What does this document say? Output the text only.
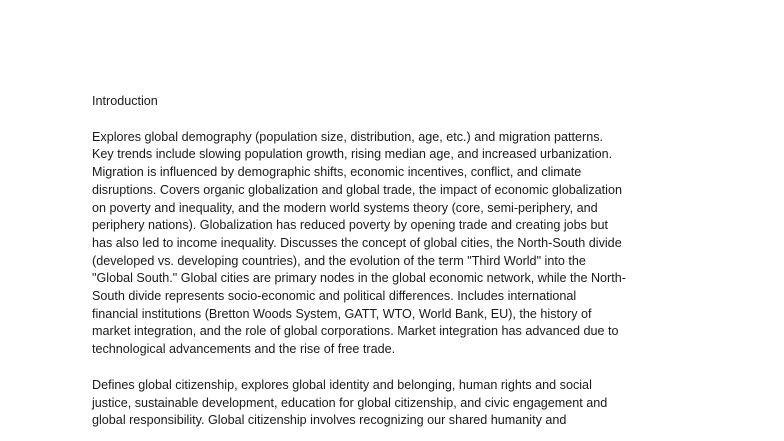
Introduction
Explores global demography (population size, distribution, age, etc.) and migration patterns.
Key trends include slowing population growth, rising median age, and increased urbanization.
Migration is influenced by demographic shifts, economic incentives, conflict, and climate
disruptions. Covers organic globalization and global trade, the impact of economic globalization
on poverty and inequality, and the modern world systems theory (core, semi-periphery, and
periphery nations). Globalization has reduced poverty by opening trade and creating jobs but
has also led to income inequality. Discusses the concept of global cities, the North-South divide
(developed vs. developing countries), and the evolution of the term "Third World" into the
"Global South." Global cities are primary nodes in the global economic network, while the North-
South divide represents socio-economic and political differences. Includes international
financial institutions (Bretton Woods System, GATT, WTO, World Bank, EU), the history of
market integration, and the role of global corporations. Market integration has advanced due to
technological advancements and the rise of free trade.
Defines global citizenship, explores global identity and belonging, human rights and social
justice, sustainable development, education for global citizenship, and civic engagement and
global responsibility. Global citizenship involves recognizing our shared humanity and
